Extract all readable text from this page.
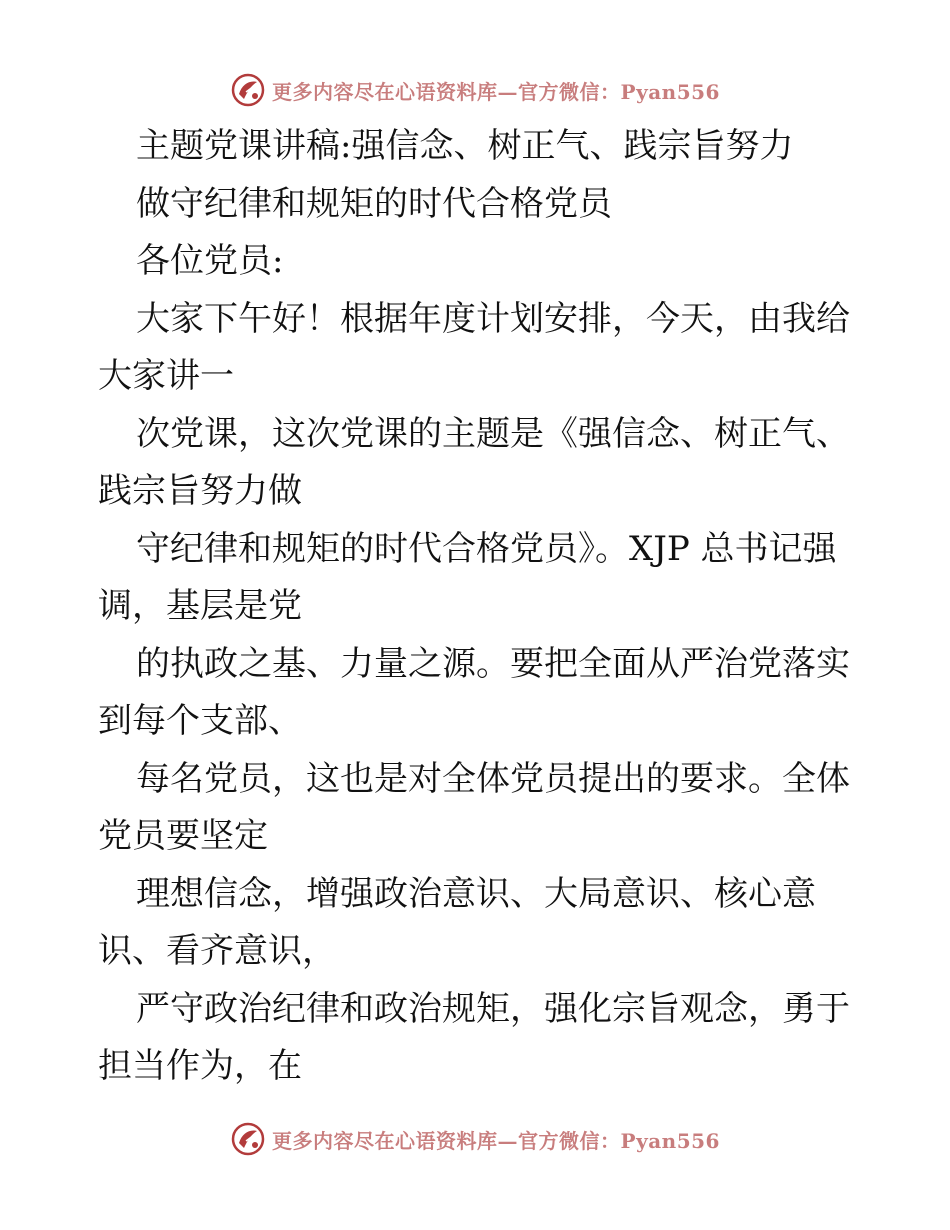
更多内容尽在心语资料库—官方微信：Pyan556
主题党课讲稿:强信念、树正气、践宗旨努力
做守纪律和规矩的时代合格党员
各位党员:
大家下午好！根据年度计划安排，今天，由我给
大家讲一
次党课，这次党课的主题是《强信念、树正气、
践宗旨努力做
守纪律和规矩的时代合格党员》。XJP 总书记强
调，基层是党
的执政之基、力量之源。要把全面从严治党落实
到每个支部、
每名党员，这也是对全体党员提出的要求。全体
党员要坚定
理想信念，增强政治意识、大局意识、核心意
识、看齐意识，
严守政治纪律和政治规矩，强化宗旨观念，勇于
担当作为，在
更多内容尽在心语资料库—官方微信：Pyan556
